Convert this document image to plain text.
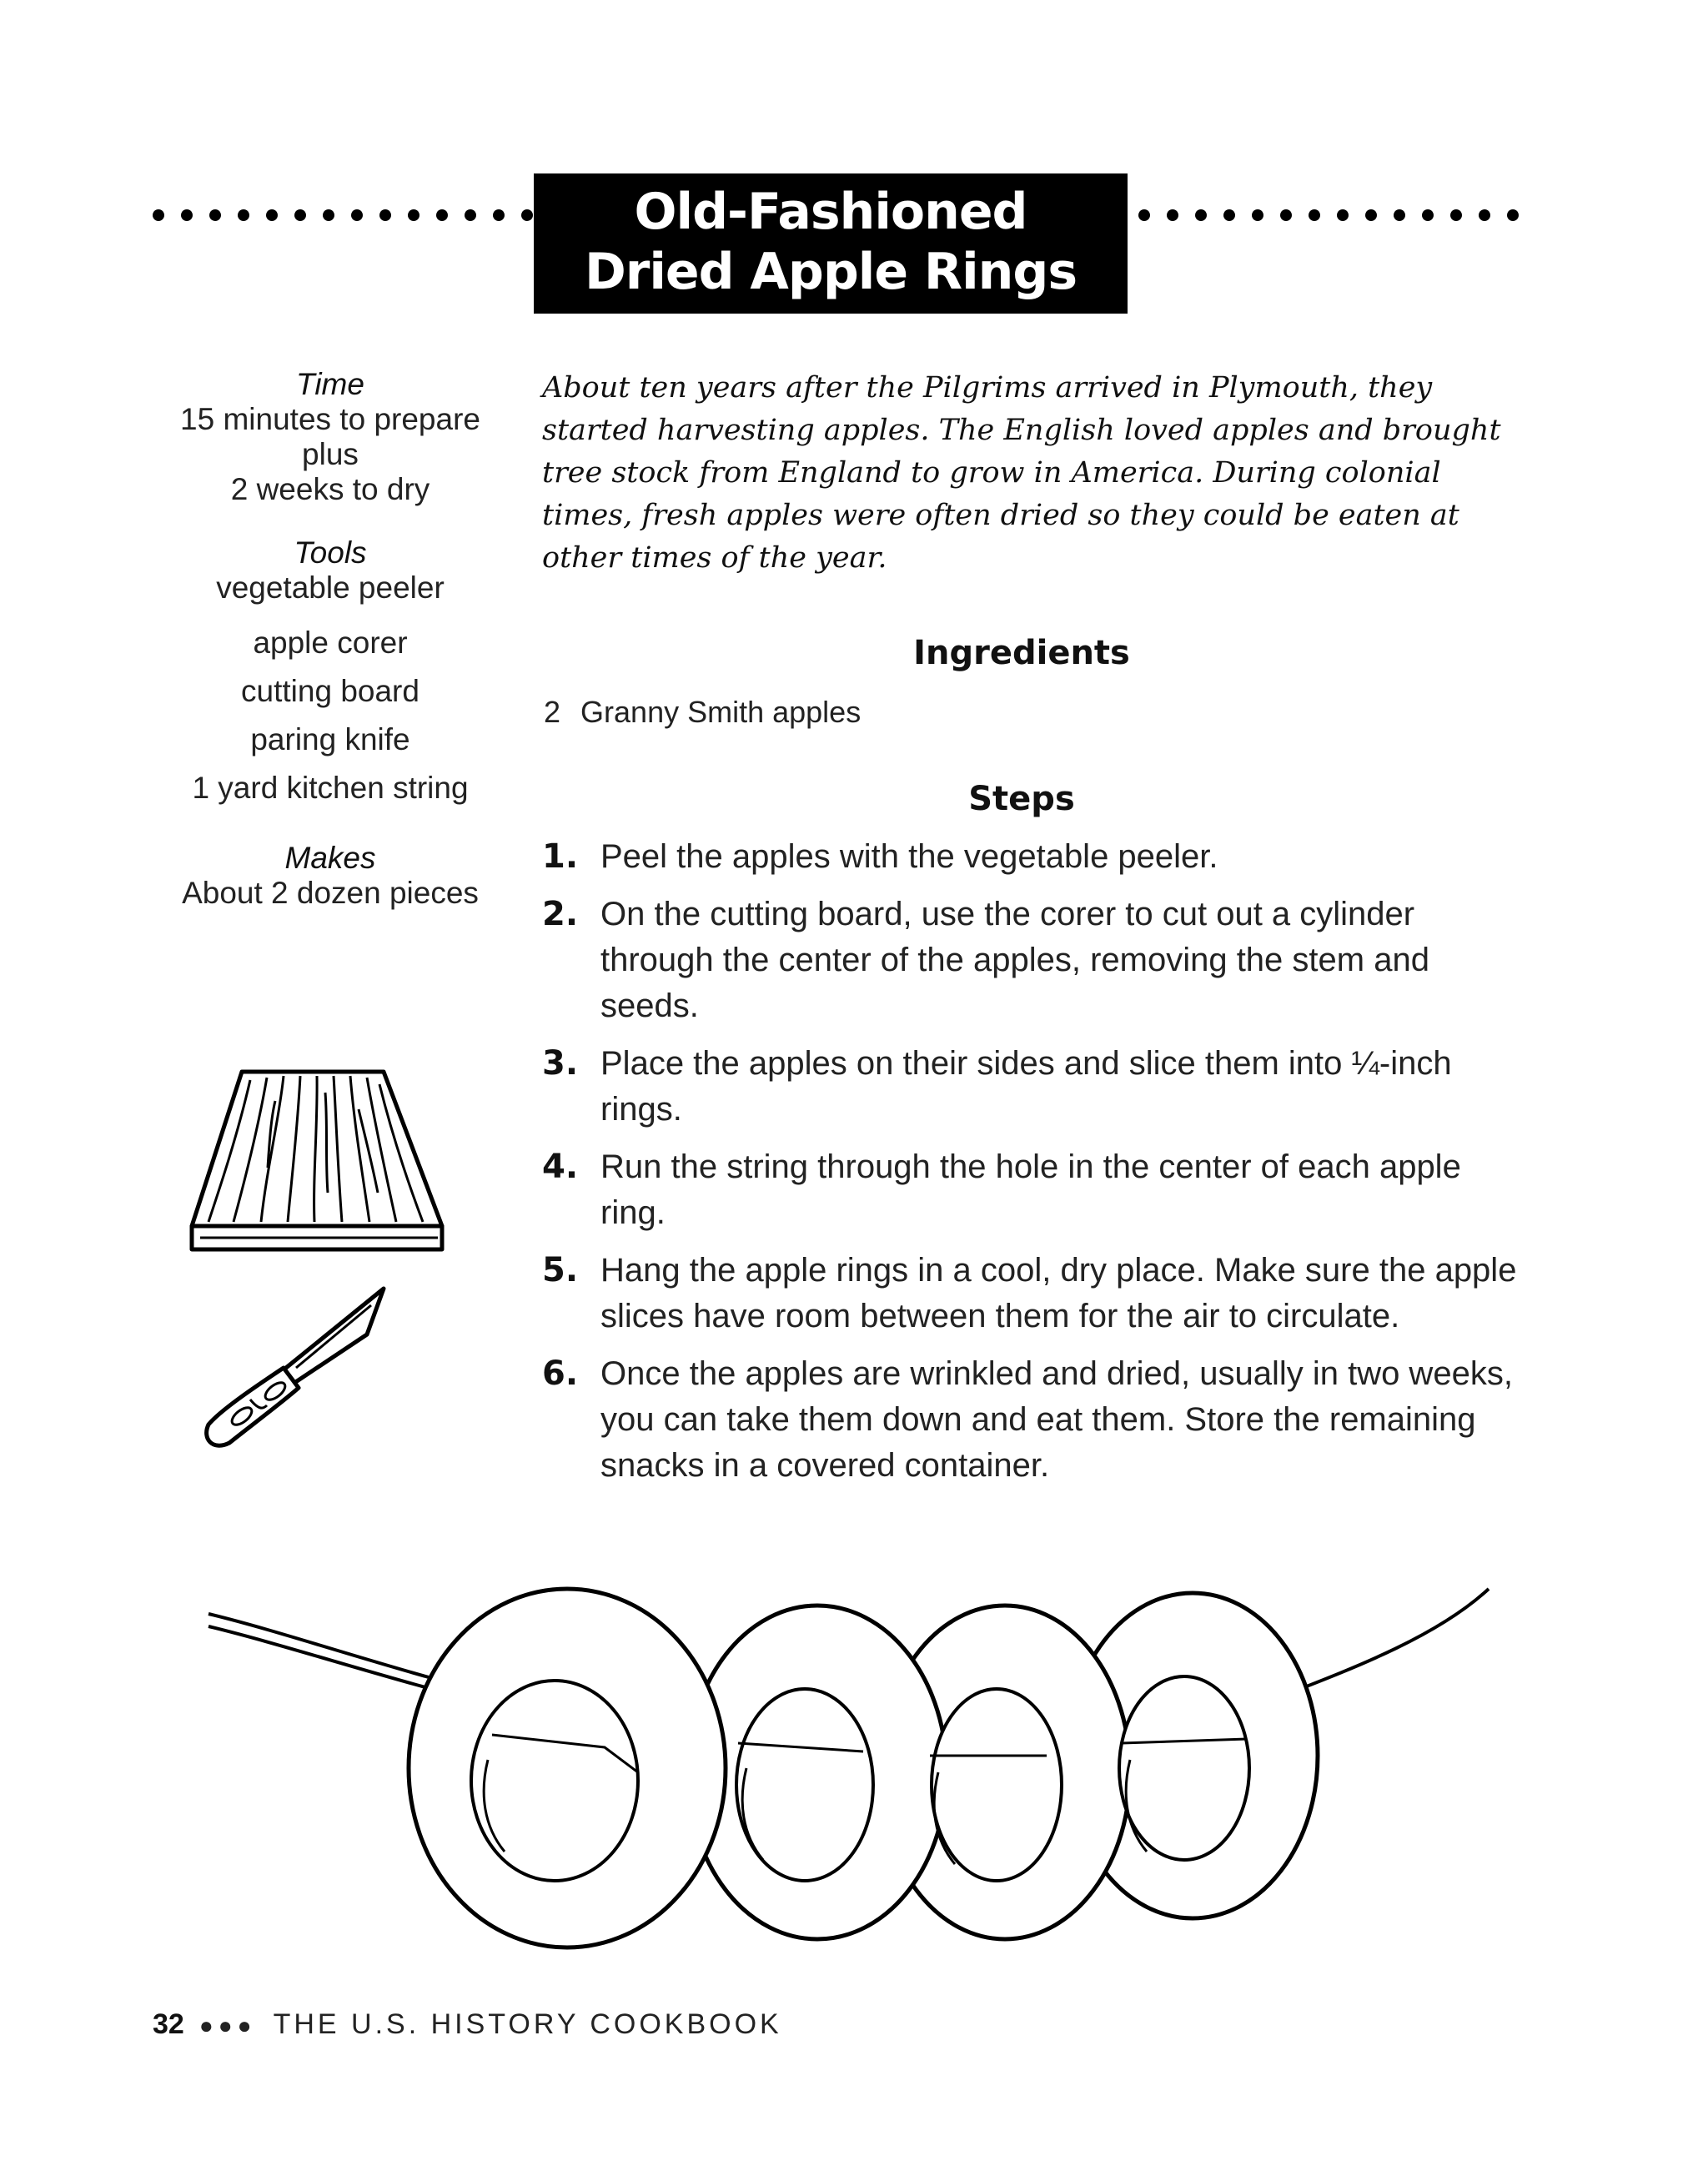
Old-Fashioned
Dried Apple Rings
Time
15 minutes to prepare
plus
2 weeks to dry
Tools
vegetable peeler
apple corer
cutting board
paring knife
1 yard kitchen string
Makes
About 2 dozen pieces
About ten years after the Pilgrims arrived in Plymouth, they started harvesting apples. The English loved apples and brought tree stock from England to grow in America. During colonial times, fresh apples were often dried so they could be eaten at other times of the year.
Ingredients
2 Granny Smith apples
Steps
1. Peel the apples with the vegetable peeler.
2. On the cutting board, use the corer to cut out a cylinder through the center of the apples, removing the stem and seeds.
3. Place the apples on their sides and slice them into ¼-inch rings.
4. Run the string through the hole in the center of each apple ring.
5. Hang the apple rings in a cool, dry place. Make sure the apple slices have room between them for the air to circulate.
6. Once the apples are wrinkled and dried, usually in two weeks, you can take them down and eat them. Store the remaining snacks in a covered container.
32 ●●● THE U.S. HISTORY COOKBOOK
